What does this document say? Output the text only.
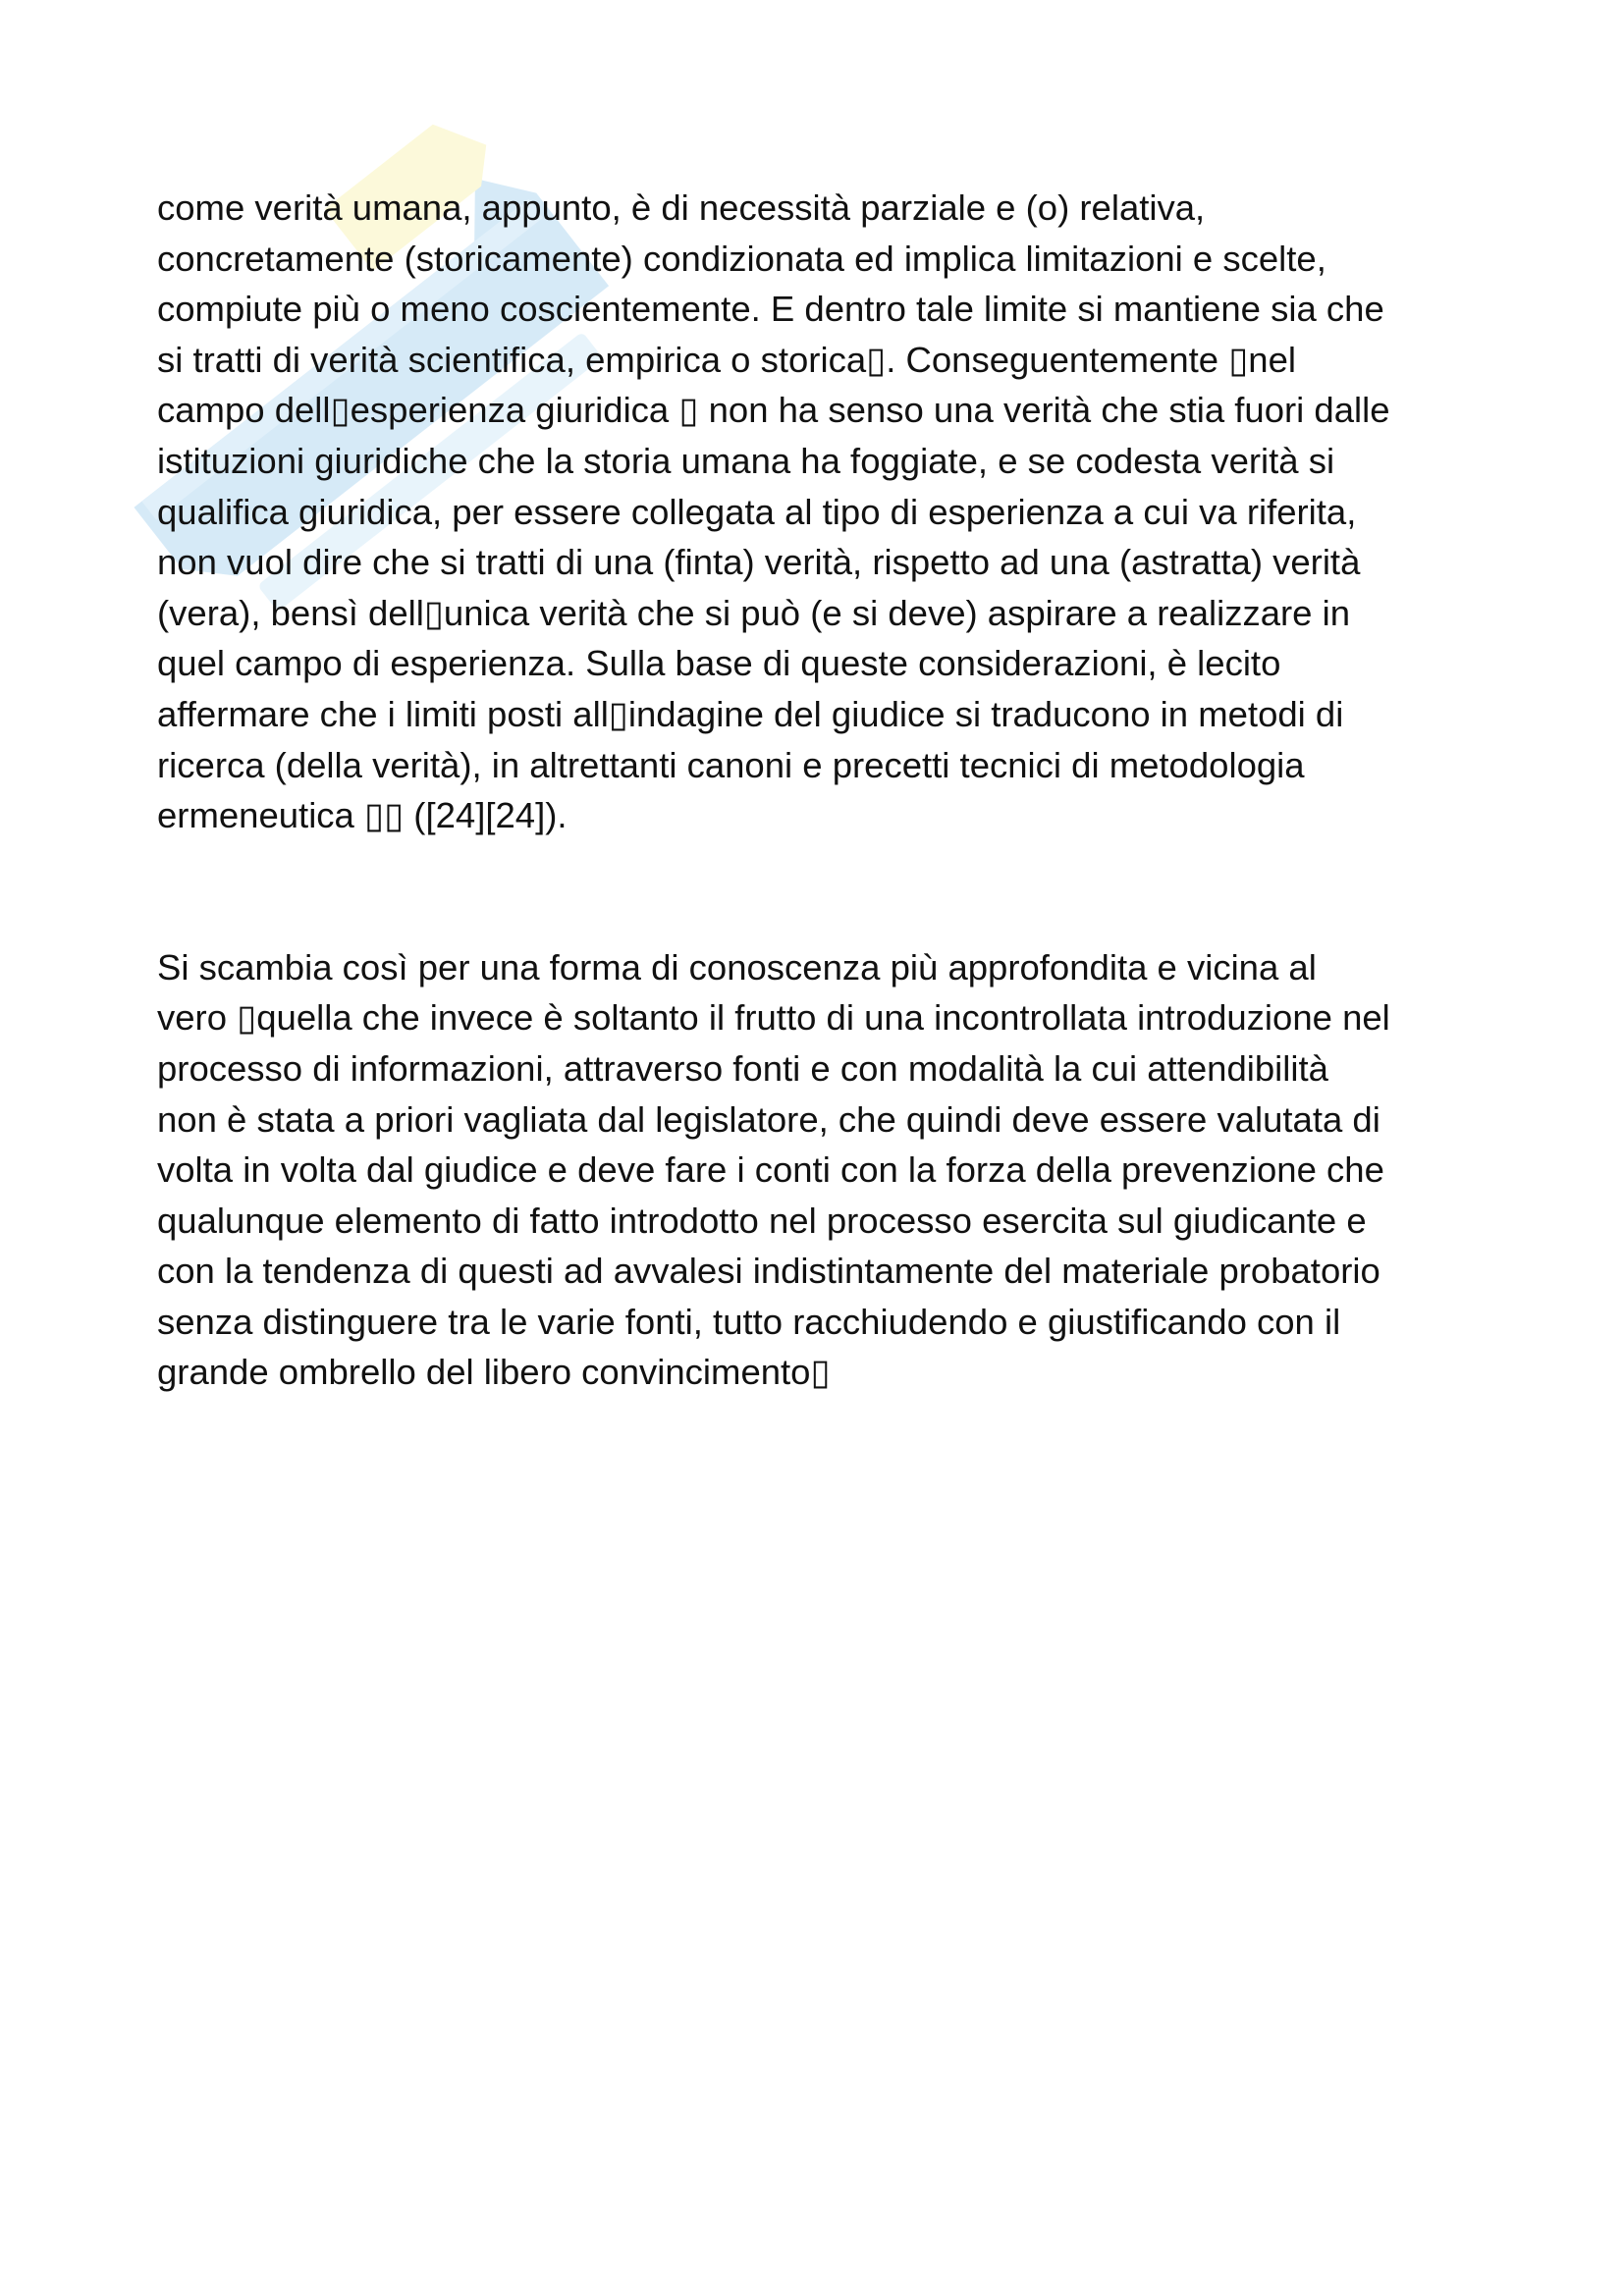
come verità umana, appunto, è di necessità parziale e (o) relativa,
concretamente (storicamente) condizionata ed implica limitazioni e scelte,
compiute più o meno coscientemente. E dentro tale limite si mantiene sia che
si tratti di verità scientifica, empirica o storica▯. Conseguentemente ▯nel
campo dell▯esperienza giuridica ▯ non ha senso una verità che stia fuori dalle
istituzioni giuridiche che la storia umana ha foggiate, e se codesta verità si
qualifica giuridica, per essere collegata al tipo di esperienza a cui va riferita,
non vuol dire che si tratti di una (finta) verità, rispetto ad una (astratta) verità
(vera), bensì dell▯unica verità che si può (e si deve) aspirare a realizzare in
quel campo di esperienza. Sulla base di queste considerazioni, è lecito
affermare che i limiti posti all▯indagine del giudice si traducono in metodi di
ricerca (della verità), in altrettanti canoni e precetti tecnici di metodologia
ermeneutica ▯▯ ([24][24]).
Si scambia così per una forma di conoscenza più approfondita e vicina al
vero ▯quella che invece è soltanto il frutto di una incontrollata introduzione nel
processo di informazioni, attraverso fonti e con modalità la cui attendibilità
non è stata a priori vagliata dal legislatore, che quindi deve essere valutata di
volta in volta dal giudice e deve fare i conti con la forza della prevenzione che
qualunque elemento di fatto introdotto nel processo esercita sul giudicante e
con la tendenza di questi ad avvalesi indistintamente del materiale probatorio
senza distinguere tra le varie fonti, tutto racchiudendo e giustificando con il
grande ombrello del libero convincimento▯
